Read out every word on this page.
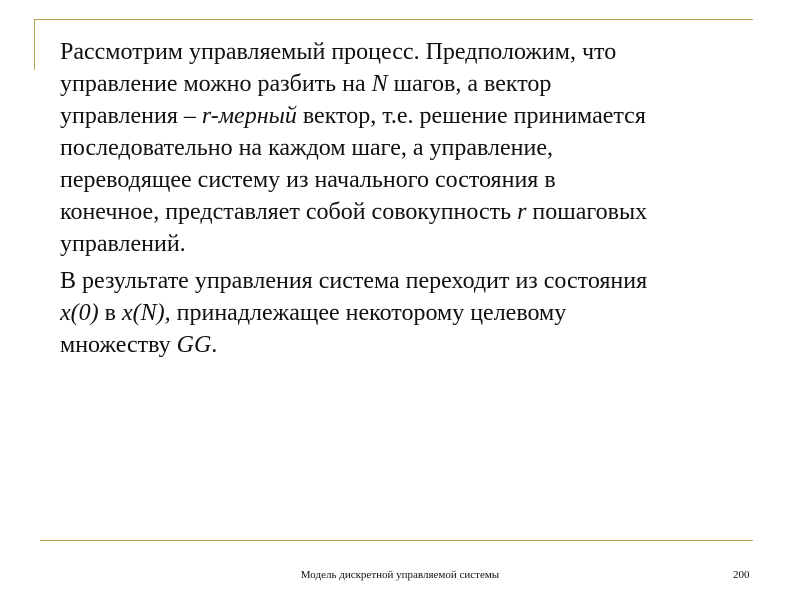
Рассмотрим управляемый процесс. Предположим, что
управление можно разбить на N шагов, а вектор
управления – r-мерный вектор, т.е. решение принимается
последовательно на каждом шаге, а управление,
переводящее систему из начального состояния в
конечное, представляет собой совокупность r пошаговых
управлений.

В результате управления система переходит из состояния
x(0) в x(N), принадлежащее некоторому целевому
множеству GG.

Модель дискретной управляемой системы	200
